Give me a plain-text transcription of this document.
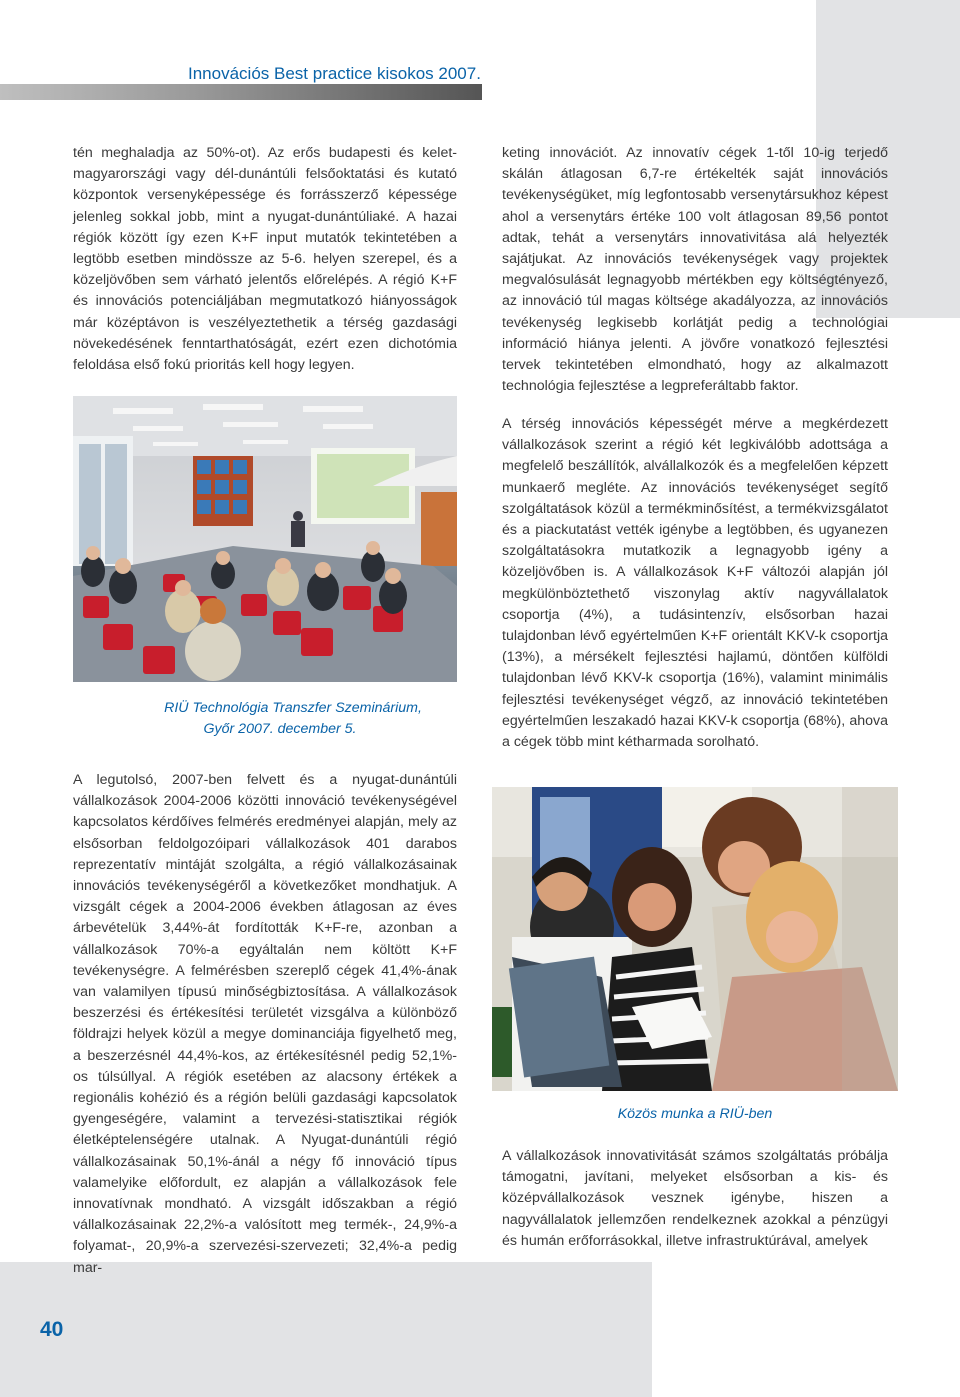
Innovációs Best practice kisokos 2007.

tén meghaladja az 50%-ot). Az erős budapesti és kelet-magyarországi vagy dél-dunántúli felsőoktatási és kutató központok versenyképessége és forrásszerző képessége jelenleg sokkal jobb, mint a nyugat-dunántúliaké. A hazai régiók között így ezen K+F input mutatók tekintetében a legtöbb esetben mindössze az 5-6. helyen szerepel, és a közeljövőben sem várható jelentős előrelépés. A régió K+F és innovációs potenciáljában megmutatkozó hiányosságok már középtávon is veszélyeztethetik a térség gazdasági növekedésének fenntarthatóságát, ezért ezen dichotómia feloldása első fokú prioritás kell hogy legyen.

RIÜ Technológia Transzfer Szeminárium,
Győr 2007. december 5.

A legutolsó, 2007-ben felvett és a nyugat-dunántúli vállalkozások 2004-2006 közötti innováció tevékenységével kapcsolatos kérdőíves felmérés eredményei alapján, mely az elsősorban feldolgozóipari vállalkozások 401 darabos reprezentatív mintáját szolgálta, a régió vállalkozásainak innovációs tevékenységéről a következőket mondhatjuk. A vizsgált cégek a 2004-2006 években átlagosan az éves árbevételük 3,44%-át fordították K+F-re, azonban a vállalkozások 70%-a egyáltalán nem költött K+F tevékenységre. A felmérésben szereplő cégek 41,4%-ának van valamilyen típusú minőségbiztosítása. A vállalkozások beszerzési és értékesítési területét vizsgálva a különböző földrajzi helyek közül a megye dominanciája figyelhető meg, a beszerzésnél 44,4%-kos, az értékesítésnél pedig 52,1%-os túlsúllyal. A régiók esetében az alacsony értékek a regionális kohézió és a régión belüli gazdasági kapcsolatok gyengeségére, valamint a tervezési-statisztikai régiók életképtelenségére utalnak. A Nyugat-dunántúli régió vállalkozásainak 50,1%-ánál a négy fő innováció típus valamelyike előfordult, ez alapján a vállalkozások fele innovatívnak mondható. A vizsgált időszakban a régió vállalkozásainak 22,2%-a valósított meg termék-, 24,9%-a folyamat-, 20,9%-a szervezési-szervezeti; 32,4%-a pedig mar-

keting innovációt. Az innovatív cégek 1-től 10-ig terjedő skálán átlagosan 6,7-re értékelték saját innovációs tevékenységüket, míg legfontosabb versenytársukhoz képest ahol a versenytárs értéke 100 volt átlagosan 89,56 pontot adtak, tehát a versenytárs innovativitása alá helyezték sajátjukat. Az innovációs tevékenységek vagy projektek megvalósulását legnagyobb mértékben egy költségtényező, az innováció túl magas költsége akadályozza, az innovációs tevékenység legkisebb korlátját pedig a technológiai információ hiánya jelenti. A jövőre vonatkozó fejlesztési tervek tekintetében elmondható, hogy az alkalmazott technológia fejlesztése a legpreferáltabb faktor.

A térség innovációs képességét mérve a megkérdezett vállalkozások szerint a régió két legkiválóbb adottsága a megfelelő beszállítók, alvállalkozók és a megfelelően képzett munkaerő megléte. Az innovációs tevékenységet segítő szolgáltatások közül a termékminősítést, a termékvizsgálatot és a piackutatást vették igénybe a legtöbben, és ugyanezen szolgáltatásokra mutatkozik a legnagyobb igény a közeljövőben is. A vállalkozások K+F változói alapján jól megkülönböztethető viszonylag aktív nagyvállalatok csoportja (4%), a tudásintenzív, elsősorban hazai tulajdonban lévő egyértelműen K+F orientált KKV-k csoportja (13%), a mérsékelt fejlesztési hajlamú, döntően külföldi tulajdonban lévő KKV-k csoportja (16%), valamint minimális fejlesztési tevékenységet végző, az innováció tekintetében egyértelműen leszakadó hazai KKV-k csoportja (68%), ahova a cégek több mint kétharmada sorolható.

Közös munka a RIÜ-ben

A vállalkozások innovativitását számos szolgáltatás próbálja támogatni, javítani, melyeket elsősorban a kis- és középvállalkozások vesznek igénybe, hiszen a nagyvállalatok jellemzően rendelkeznek azokkal a pénzügyi és humán erőforrásokkal, illetve infrastruktúrával, amelyek

40
